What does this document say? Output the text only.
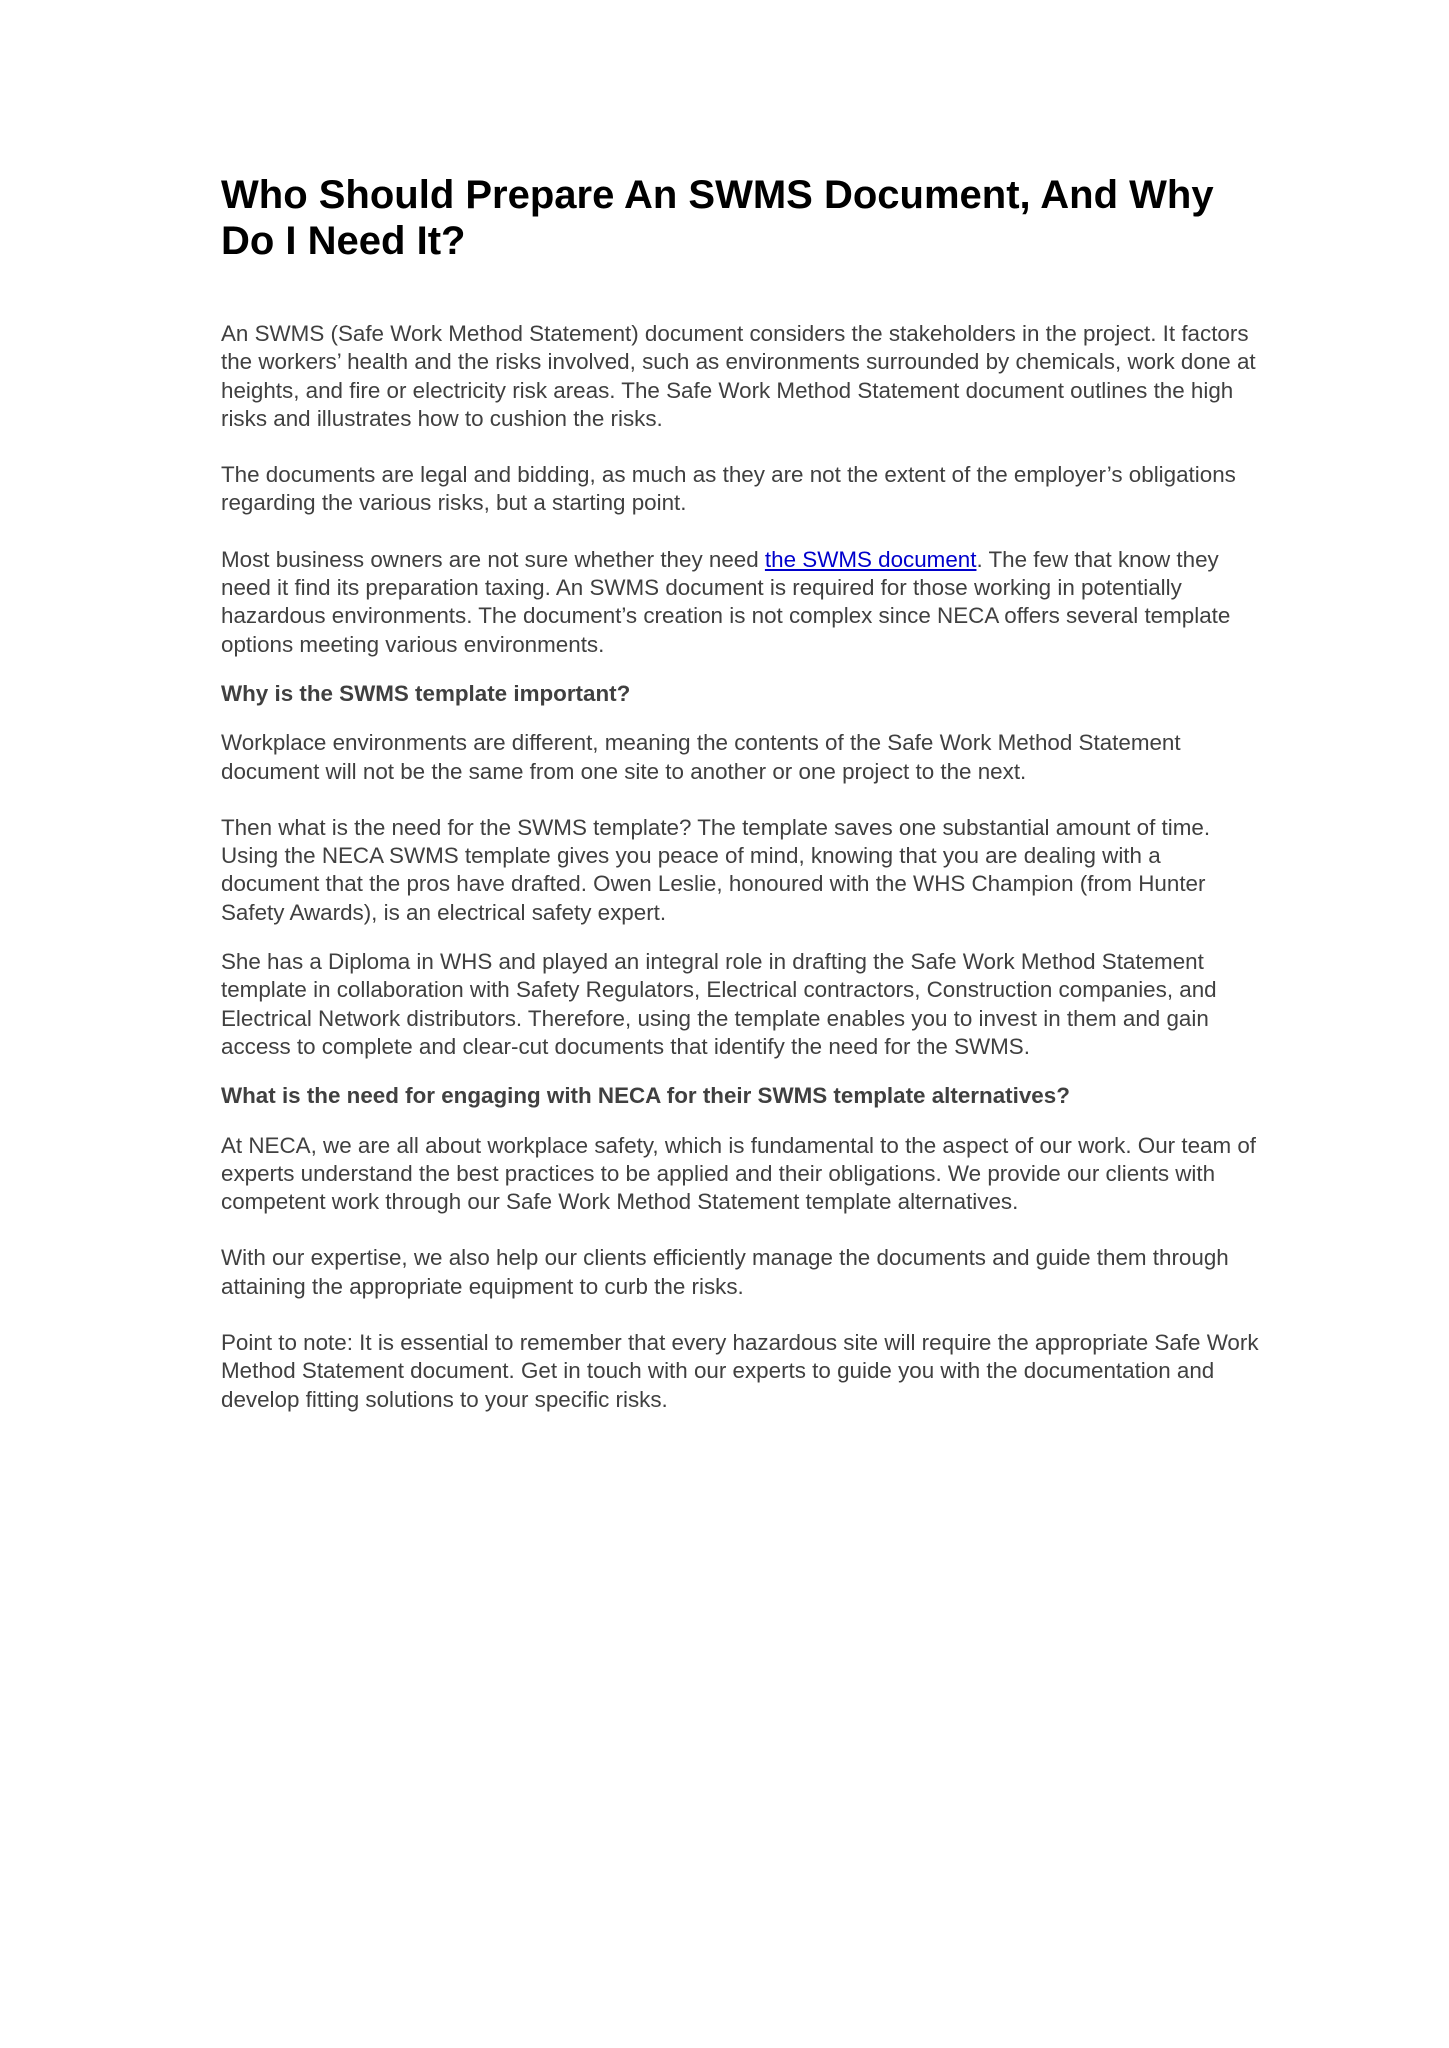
Who Should Prepare An SWMS Document, And Why Do I Need It?

An SWMS (Safe Work Method Statement) document considers the stakeholders in the project. It factors the workers’ health and the risks involved, such as environments surrounded by chemicals, work done at heights, and fire or electricity risk areas. The Safe Work Method Statement document outlines the high risks and illustrates how to cushion the risks.

The documents are legal and bidding, as much as they are not the extent of the employer’s obligations regarding the various risks, but a starting point.

Most business owners are not sure whether they need the SWMS document. The few that know they need it find its preparation taxing. An SWMS document is required for those working in potentially hazardous environments. The document’s creation is not complex since NECA offers several template options meeting various environments.

Why is the SWMS template important?

Workplace environments are different, meaning the contents of the Safe Work Method Statement document will not be the same from one site to another or one project to the next.

Then what is the need for the SWMS template? The template saves one substantial amount of time. Using the NECA SWMS template gives you peace of mind, knowing that you are dealing with a document that the pros have drafted. Owen Leslie, honoured with the WHS Champion (from Hunter Safety Awards), is an electrical safety expert.

She has a Diploma in WHS and played an integral role in drafting the Safe Work Method Statement template in collaboration with Safety Regulators, Electrical contractors, Construction companies, and Electrical Network distributors. Therefore, using the template enables you to invest in them and gain access to complete and clear-cut documents that identify the need for the SWMS.

What is the need for engaging with NECA for their SWMS template alternatives?

At NECA, we are all about workplace safety, which is fundamental to the aspect of our work. Our team of experts understand the best practices to be applied and their obligations. We provide our clients with competent work through our Safe Work Method Statement template alternatives.

With our expertise, we also help our clients efficiently manage the documents and guide them through attaining the appropriate equipment to curb the risks.

Point to note: It is essential to remember that every hazardous site will require the appropriate Safe Work Method Statement document. Get in touch with our experts to guide you with the documentation and develop fitting solutions to your specific risks.
